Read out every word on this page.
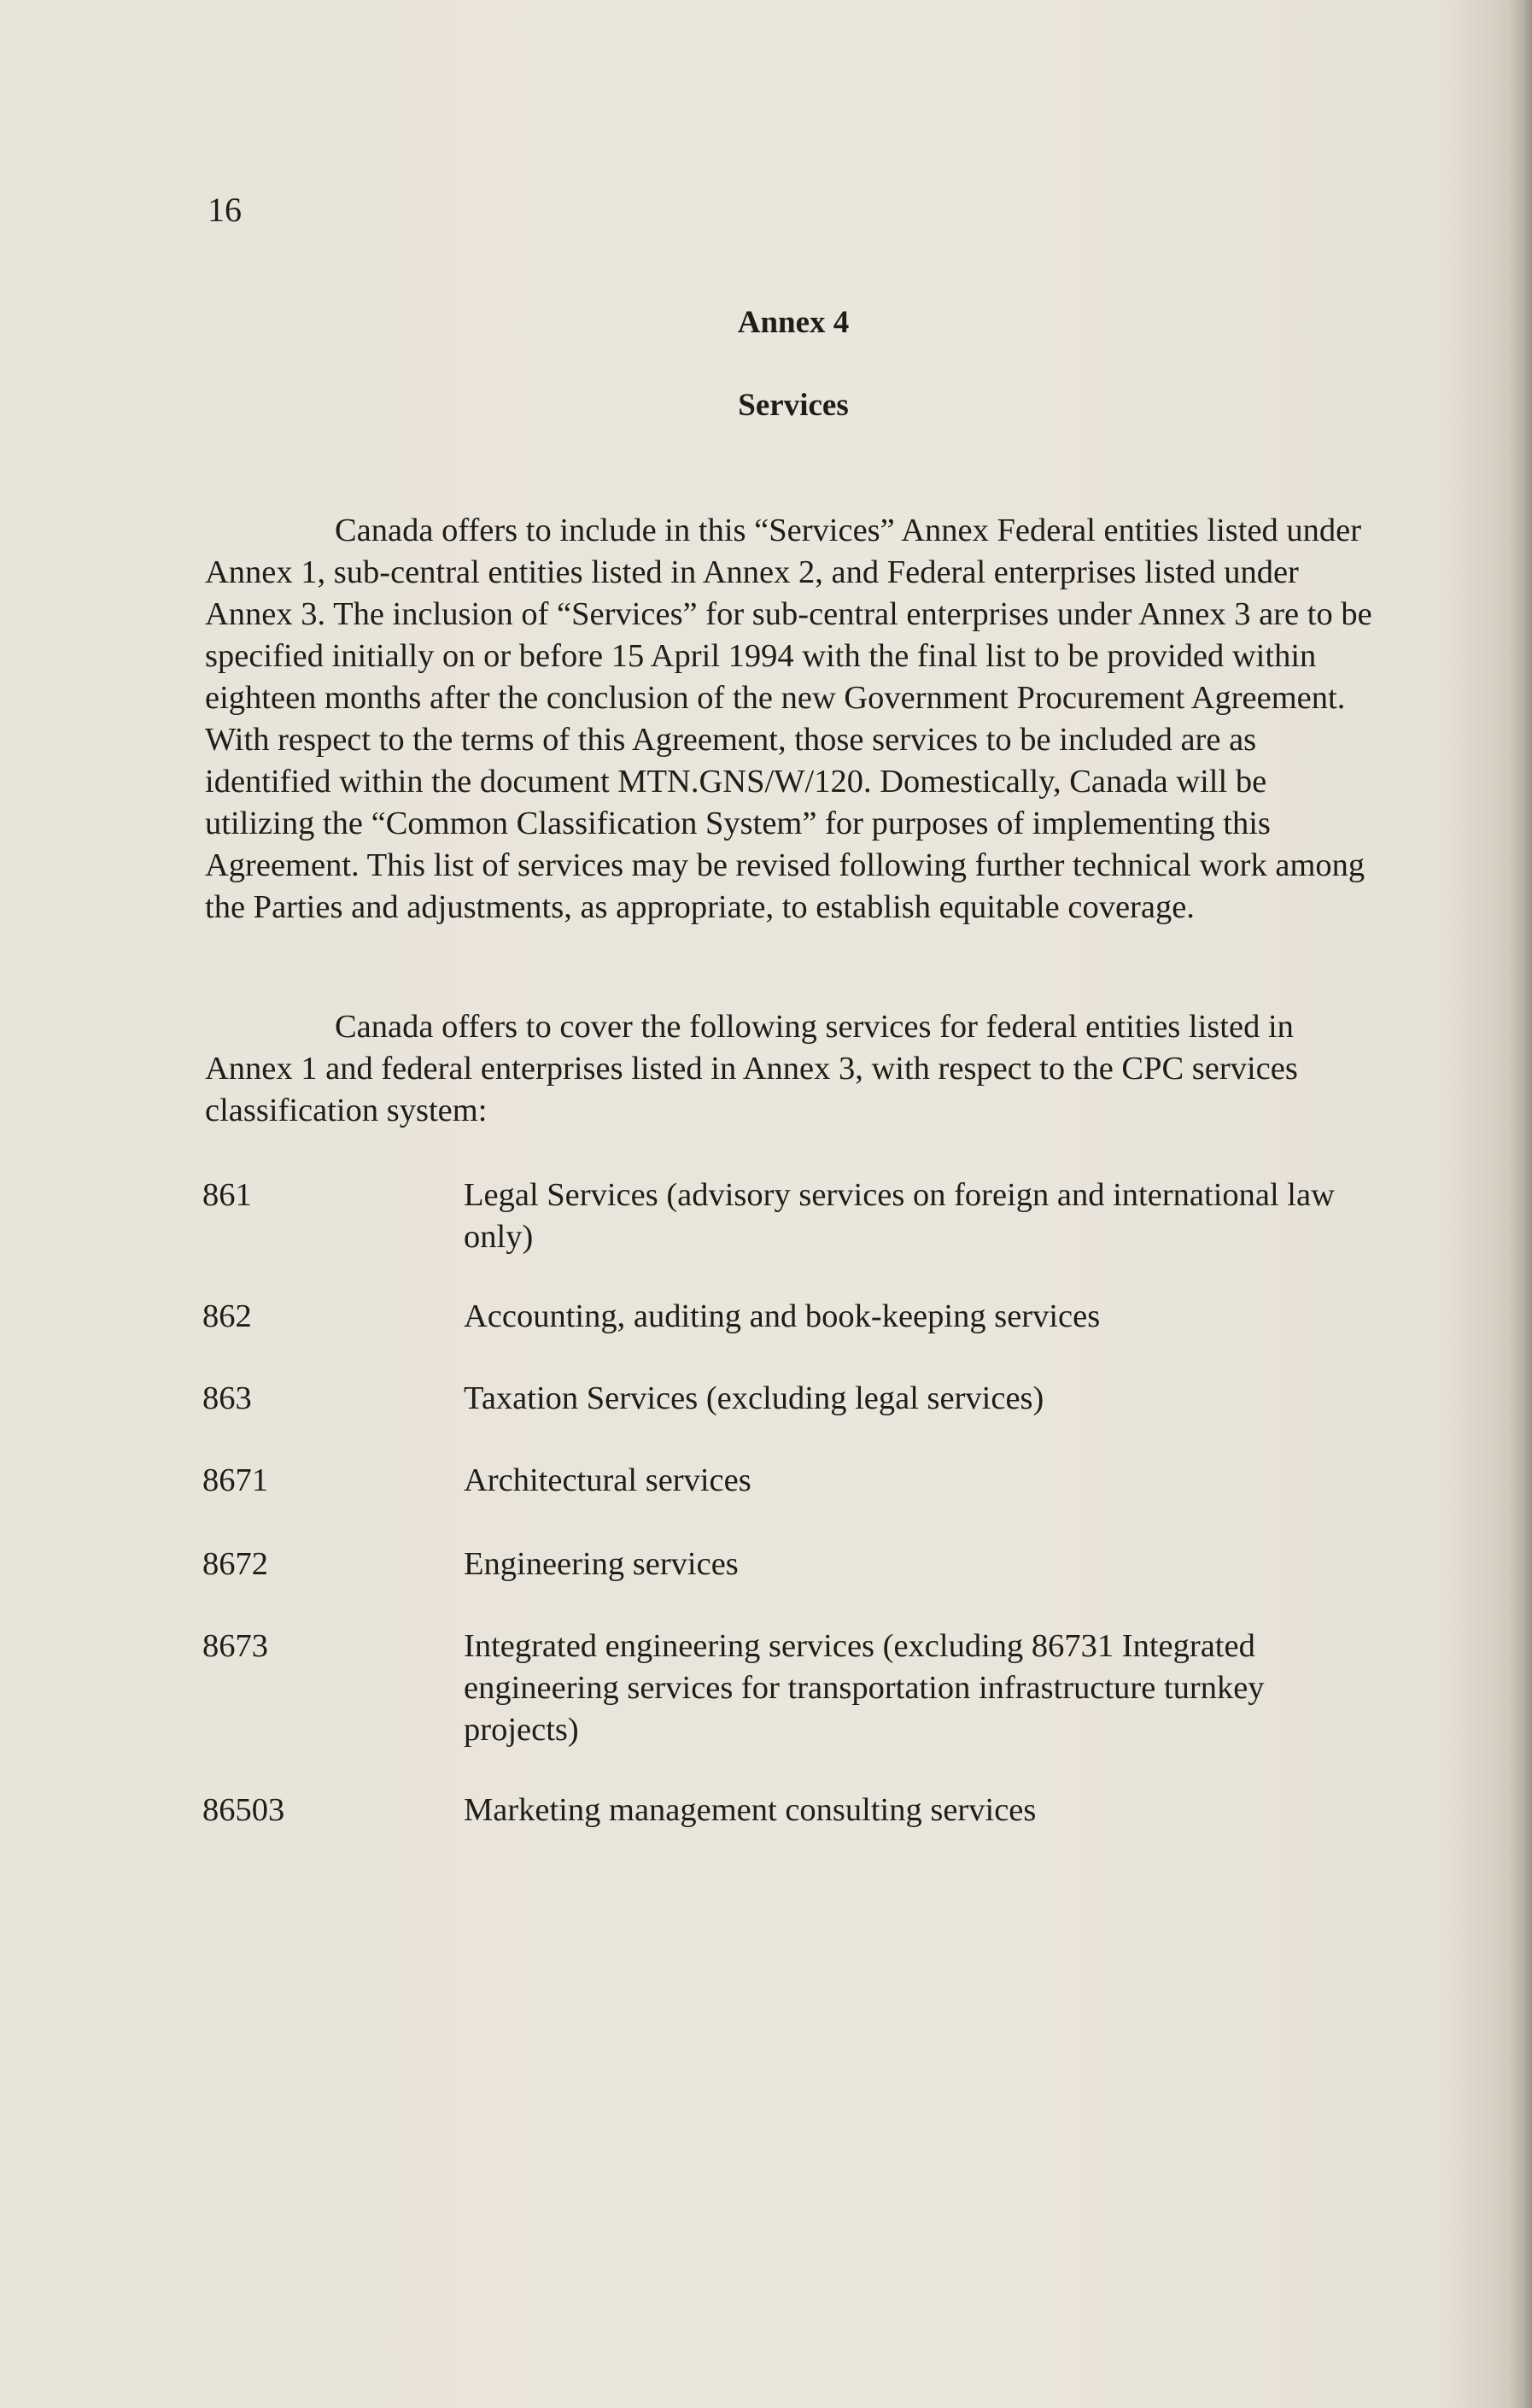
16
Annex 4
Services

Canada offers to include in this “Services” Annex Federal entities listed under Annex 1, sub-central entities listed in Annex 2, and Federal enterprises listed under Annex 3. The inclusion of “Services” for sub-central enterprises under Annex 3 are to be specified initially on or before 15 April 1994 with the final list to be provided within eighteen months after the conclusion of the new Government Procurement Agreement. With respect to the terms of this Agreement, those services to be included are as identified within the document MTN.GNS/W/120. Domestically, Canada will be utilizing the “Common Classification System” for purposes of implementing this Agreement. This list of services may be revised following further technical work among the Parties and adjustments, as appropriate, to establish equitable coverage.

Canada offers to cover the following services for federal entities listed in Annex 1 and federal enterprises listed in Annex 3, with respect to the CPC services classification system:

861	Legal Services (advisory services on foreign and international law only)
862	Accounting, auditing and book-keeping services
863	Taxation Services (excluding legal services)
8671	Architectural services
8672	Engineering services
8673	Integrated engineering services (excluding 86731 Integrated engineering services for transportation infrastructure turnkey projects)
86503	Marketing management consulting services
